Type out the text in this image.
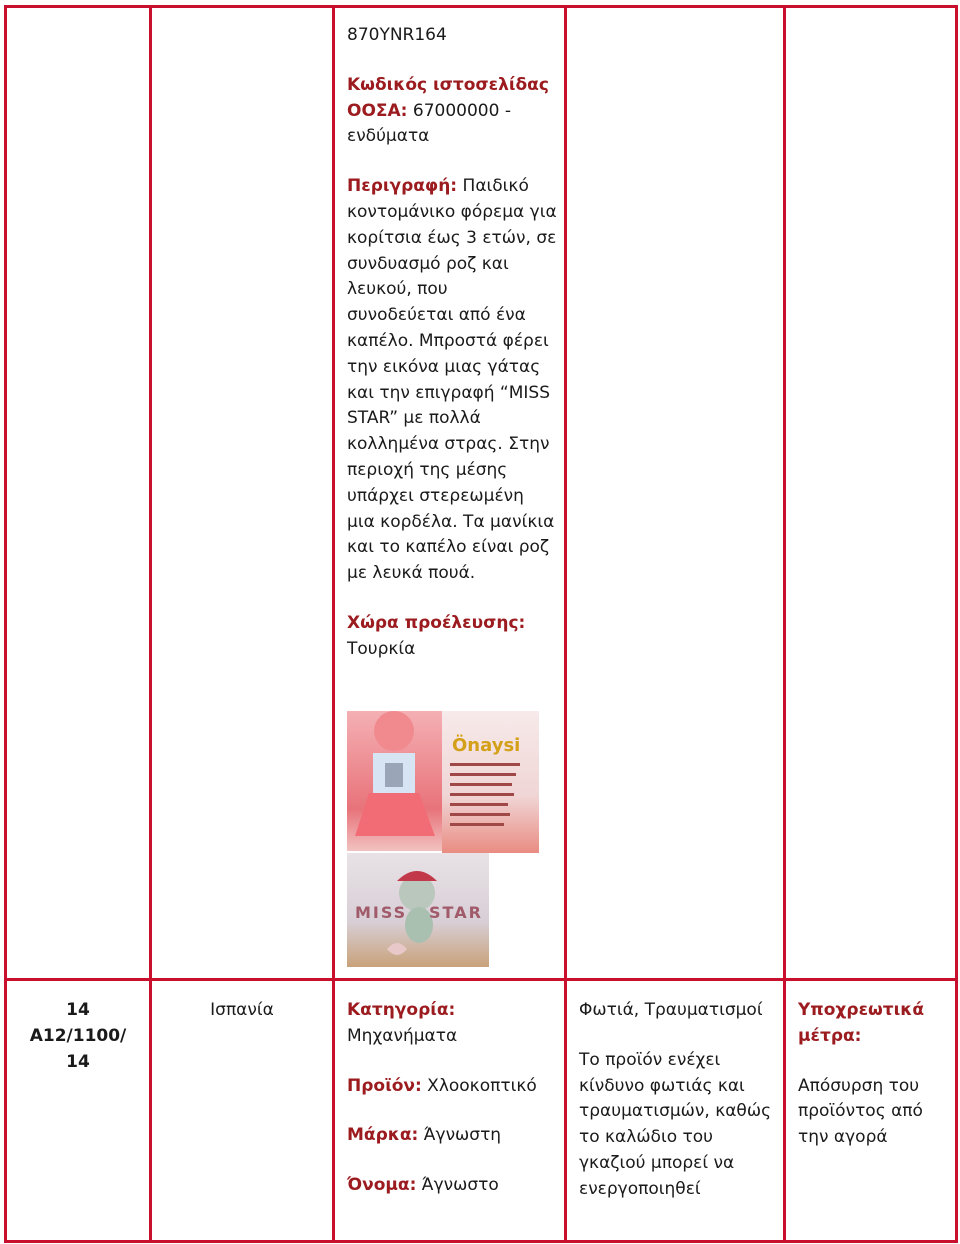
870YNR164

Κωδικός ιστοσελίδας ΟΟΣΑ: 67000000 - ενδύματα

Περιγραφή: Παιδικό κοντομάνικο φόρεμα για κορίτσια έως 3 ετών, σε συνδυασμό ροζ και λευκού, που συνοδεύεται από ένα καπέλο. Μπροστά φέρει την εικόνα μιας γάτας και την επιγραφή “MISS STAR” με πολλά κολλημένα στρας. Στην περιοχή της μέσης υπάρχει στερεωμένη μια κορδέλα. Τα μανίκια και το καπέλο είναι ροζ με λευκά πουά.

Χώρα προέλευσης: Τουρκία

Önaysi
MISS STAR

14

A12/1100/

14

Ισπανία	Κατηγορία:
Μηχανήματα

Προϊόν: Χλοοκοπτικό

Μάρκα: Άγνωστη

Όνομα: Άγνωστο

Φωτιά, Τραυματισμοί

Το προϊόν ενέχει κίνδυνο φωτιάς και τραυματισμών, καθώς το καλώδιο του γκαζιού μπορεί να ενεργοποιηθεί

Υποχρεωτικά μέτρα:

Απόσυρση του προϊόντος από την αγορά
